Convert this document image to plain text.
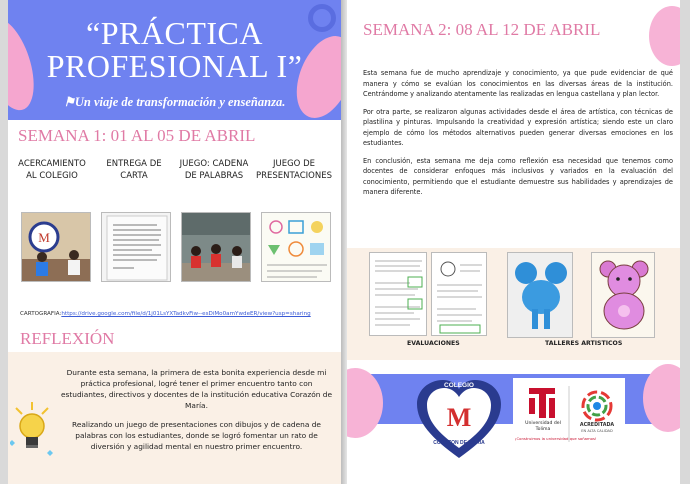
“PRÁCTICA
PROFESIONAL I”
⚑Un viaje de transformación y enseñanza.
SEMANA 1: 01 AL 05 DE ABRIL
ACERCAMIENTO AL COLEGIO
ENTREGA DE CARTA
JUEGO: CADENA DE PALABRAS
JUEGO DE PRESENTACIONES
M
CARTOGRAFIA:https://drive.google.com/file/d/1j01LsYXTadkvFiw--esDiMo0amYwdeER/view?usp=sharing
REFLEXIÓN

Durante esta semana, la primera de esta bonita experiencia desde mi práctica profesional, logré tener el primer encuentro tanto con estudiantes, directivos y docentes de la institución educativa Corazón de María.

Realizando un juego de presentaciones con dibujos y de cadena de palabras con los estudiantes, donde se logró fomentar un rato de diversión y agilidad mental en nuestro primer encuentro.

SEMANA 2: 08 AL 12 DE ABRIL

Esta semana fue de mucho aprendizaje y conocimiento, ya que pude evidenciar de qué manera y cómo se evalúan los conocimientos en las diversas áreas de la institución. Centrándome y analizando atentamente las realizadas en lengua castellana y plan lector.

Por otra parte, se realizaron algunas actividades desde el área de artística, con técnicas de plastilina y pinturas. Impulsando la creatividad y expresión artística; siendo este un claro ejemplo de cómo los métodos alternativos pueden generar diversas emociones en los estudiantes.

En conclusión, esta semana me deja como reflexión esa necesidad que tenemos como docentes de considerar enfoques más inclusivos y variados en la evaluación del conocimiento, permitiendo que el estudiante demuestre sus habilidades y aprendizajes de manera diferente.

EVALUACIONES	TALLERES ARTISTICOS
M
COLEGIO
CORAZON DE MARIA
Universidad del Tolima
¡Construimos la universidad que soñamos!
ACREDITADA
EN ALTA CALIDAD
